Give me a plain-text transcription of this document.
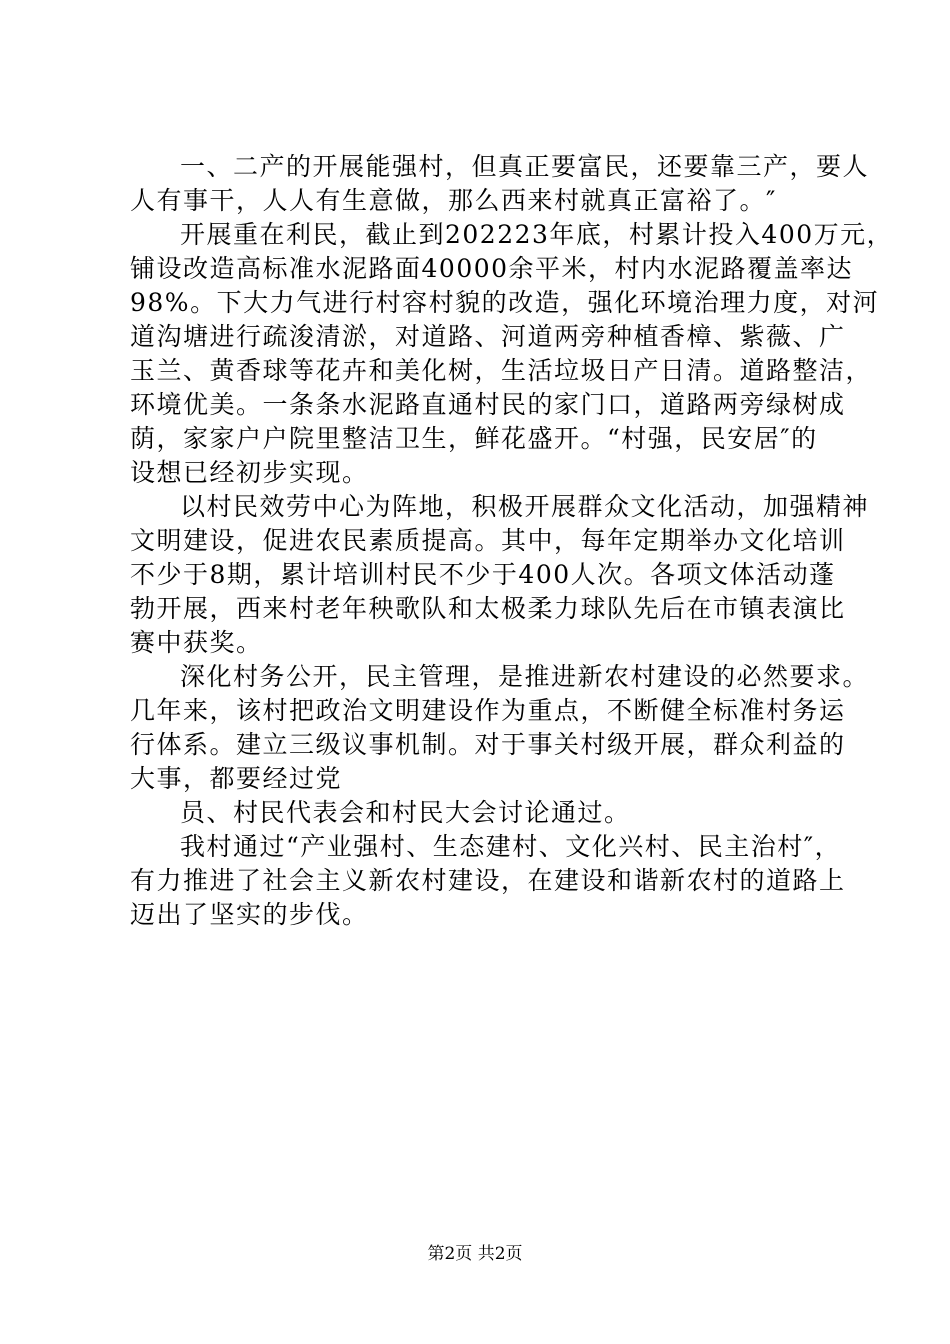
一、二产的开展能强村，但真正要富民，还要靠三产，要人
人有事干，人人有生意做，那么西来村就真正富裕了。″
开展重在利民，截止到202223年底，村累计投入400万元，
铺设改造高标准水泥路面40000余平米，村内水泥路覆盖率达
98%。下大力气进行村容村貌的改造，强化环境治理力度，对河
道沟塘进行疏浚清淤，对道路、河道两旁种植香樟、紫薇、广
玉兰、黄香球等花卉和美化树，生活垃圾日产日清。道路整洁，
环境优美。一条条水泥路直通村民的家门口，道路两旁绿树成
荫，家家户户院里整洁卫生，鲜花盛开。“村强，民安居″的
设想已经初步实现。
以村民效劳中心为阵地，积极开展群众文化活动，加强精神
文明建设，促进农民素质提高。其中，每年定期举办文化培训
不少于8期，累计培训村民不少于400人次。各项文体活动蓬
勃开展，西来村老年秧歌队和太极柔力球队先后在市镇表演比
赛中获奖。
深化村务公开，民主管理，是推进新农村建设的必然要求。
几年来，该村把政治文明建设作为重点，不断健全标准村务运
行体系。建立三级议事机制。对于事关村级开展，群众利益的
大事，都要经过党
员、村民代表会和村民大会讨论通过。
我村通过“产业强村、生态建村、文化兴村、民主治村″，
有力推进了社会主义新农村建设，在建设和谐新农村的道路上
迈出了坚实的步伐。
第2页 共2页
